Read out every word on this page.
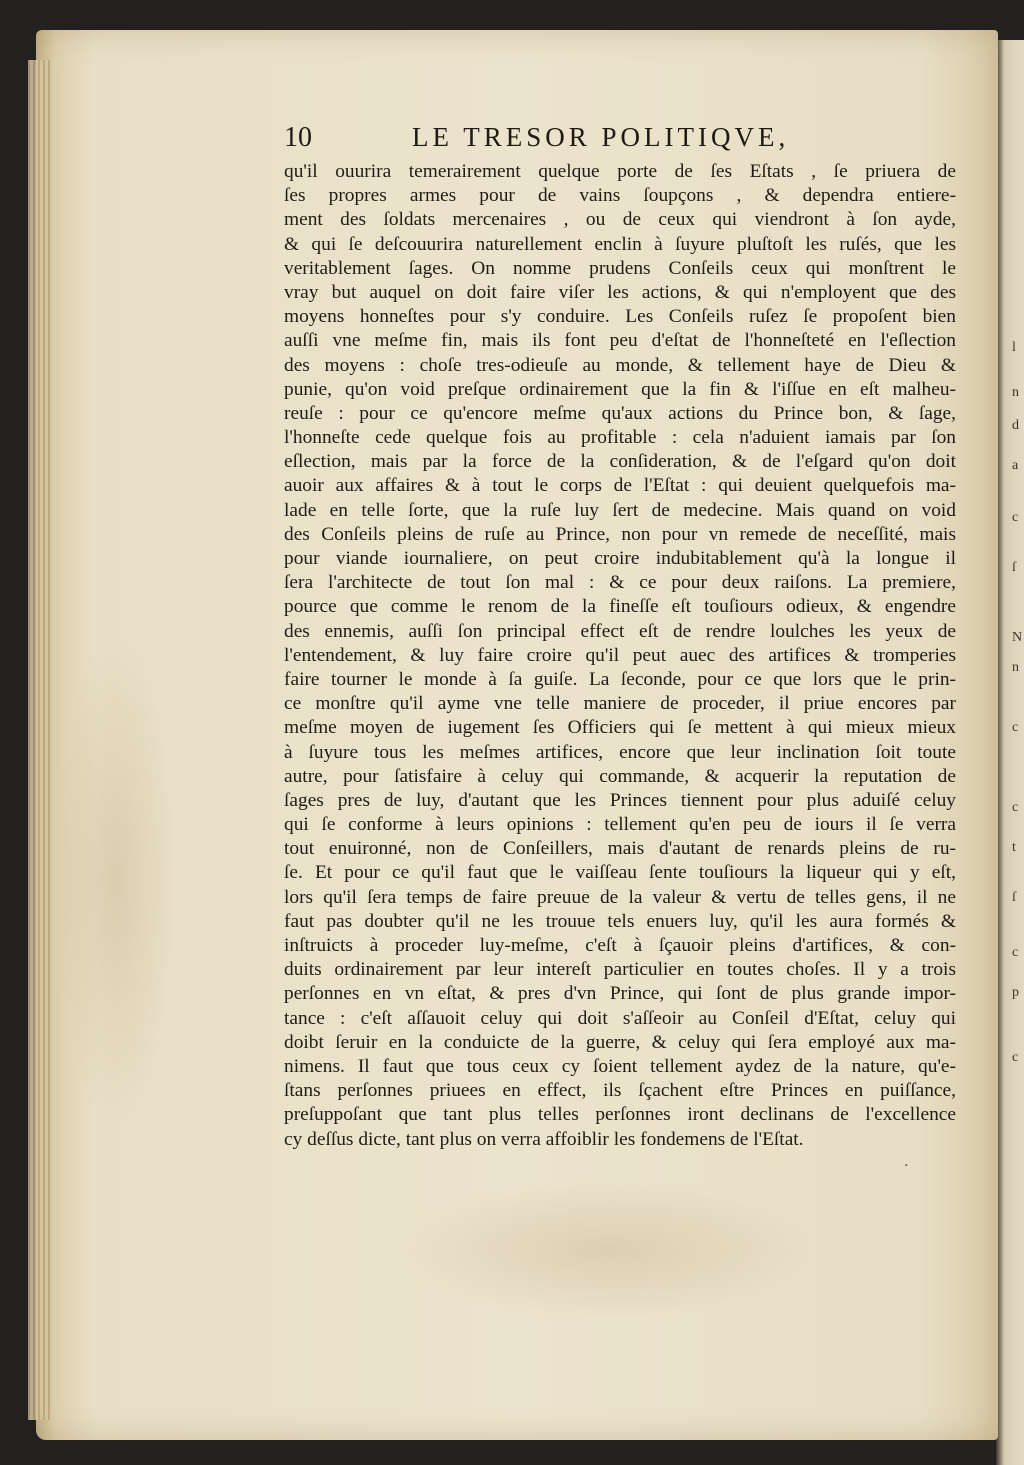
l
n
d
a
c
ſ
N
n
c
c
t
ſ
c
p
c
10	LE TRESOR POLITIQVE,
qu'il ouurira temerairement quelque porte de ſes Eſtats , ſe priuera de
ſes propres armes pour de vains ſoupçons , & dependra entiere-
ment des ſoldats mercenaires , ou de ceux qui viendront à ſon ayde,
& qui ſe deſcouurira naturellement enclin à ſuyure pluſtoſt les ruſés, que les
veritablement ſages. On nomme prudens Conſeils ceux qui monſtrent le
vray but auquel on doit faire viſer les actions, & qui n'employent que des
moyens honneſtes pour s'y conduire. Les Conſeils ruſez ſe propoſent bien
auſſi vne meſme fin, mais ils font peu d'eſtat de l'honneſteté en l'eſlection
des moyens : choſe tres-odieuſe au monde, & tellement haye de Dieu &
punie, qu'on void preſque ordinairement que la fin & l'iſſue en eſt malheu-
reuſe : pour ce qu'encore meſme qu'aux actions du Prince bon, & ſage,
l'honneſte cede quelque fois au profitable : cela n'aduient iamais par ſon
eſlection, mais par la force de la conſideration, & de l'eſgard qu'on doit
auoir aux affaires & à tout le corps de l'Eſtat : qui deuient quelquefois ma-
lade en telle ſorte, que la ruſe luy ſert de medecine. Mais quand on void
des Conſeils pleins de ruſe au Prince, non pour vn remede de neceſſité, mais
pour viande iournaliere, on peut croire indubitablement qu'à la longue il
ſera l'architecte de tout ſon mal : & ce pour deux raiſons. La premiere,
pource que comme le renom de la fineſſe eſt touſiours odieux, & engendre
des ennemis, auſſi ſon principal effect eſt de rendre loulches les yeux de
l'entendement, & luy faire croire qu'il peut auec des artifices & tromperies
faire tourner le monde à ſa guiſe. La ſeconde, pour ce que lors que le prin-
ce monſtre qu'il ayme vne telle maniere de proceder, il priue encores par
meſme moyen de iugement ſes Officiers qui ſe mettent à qui mieux mieux
à ſuyure tous les meſmes artifices, encore que leur inclination ſoit toute
autre, pour ſatisfaire à celuy qui commande, & acquerir la reputation de
ſages pres de luy, d'autant que les Princes tiennent pour plus aduiſé celuy
qui ſe conforme à leurs opinions : tellement qu'en peu de iours il ſe verra
tout enuironné, non de Conſeillers, mais d'autant de renards pleins de ru-
ſe. Et pour ce qu'il faut que le vaiſſeau ſente touſiours la liqueur qui y eſt,
lors qu'il ſera temps de faire preuue de la valeur & vertu de telles gens, il ne
faut pas doubter qu'il ne les trouue tels enuers luy, qu'il les aura formés &
inſtruicts à proceder luy-meſme, c'eſt à ſçauoir pleins d'artifices, & con-
duits ordinairement par leur intereſt particulier en toutes choſes. Il y a trois
perſonnes en vn eſtat, & pres d'vn Prince, qui ſont de plus grande impor-
tance : c'eſt aſſauoit celuy qui doit s'aſſeoir au Conſeil d'Eſtat, celuy qui
doibt ſeruir en la conduicte de la guerre, & celuy qui ſera employé aux ma-
nimens. Il faut que tous ceux cy ſoient tellement aydez de la nature, qu'e-
ſtans perſonnes priuees en effect, ils ſçachent eſtre Princes en puiſſance,
preſuppoſant que tant plus telles perſonnes iront declinans de l'excellence
cy deſſus dicte, tant plus on verra affoiblir les fondemens de l'Eſtat.
·
